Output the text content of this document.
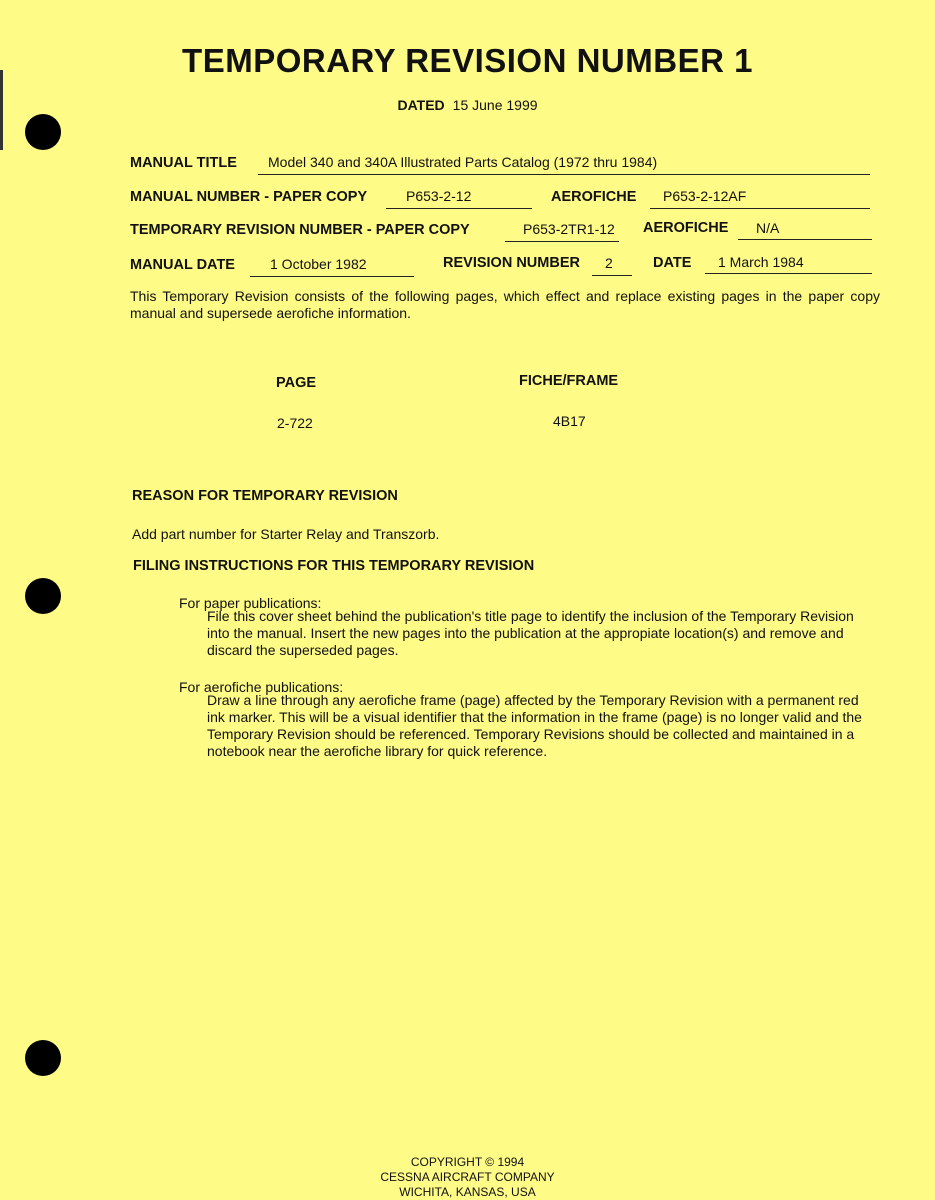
TEMPORARY REVISION NUMBER 1
DATED 15 June 1999
MANUAL TITLE Model 340 and 340A Illustrated Parts Catalog (1972 thru 1984)
MANUAL NUMBER - PAPER COPY	P653-2-12	AEROFICHE P653-2-12AF
TEMPORARY REVISION NUMBER - PAPER COPY	P653-2TR1-12 AEROFICHE N/A
MANUAL DATE	1 October 1982	REVISION NUMBER 2	DATE 1 March 1984
This Temporary Revision consists of the following pages, which effect and replace existing pages in the paper copy manual and supersede aerofiche information.
PAGE	FICHE/FRAME
2-722	4B17
REASON FOR TEMPORARY REVISION
Add part number for Starter Relay and Transzorb.
FILING INSTRUCTIONS FOR THIS TEMPORARY REVISION
For paper publications:
File this cover sheet behind the publication's title page to identify the inclusion of the Temporary Revision into the manual. Insert the new pages into the publication at the appropiate location(s) and remove and discard the superseded pages.
For aerofiche publications:
Draw a line through any aerofiche frame (page) affected by the Temporary Revision with a permanent red ink marker. This will be a visual identifier that the information in the frame (page) is no longer valid and the Temporary Revision should be referenced. Temporary Revisions should be collected and maintained in a notebook near the aerofiche library for quick reference.
COPYRIGHT © 1994
CESSNA AIRCRAFT COMPANY
WICHITA, KANSAS, USA
